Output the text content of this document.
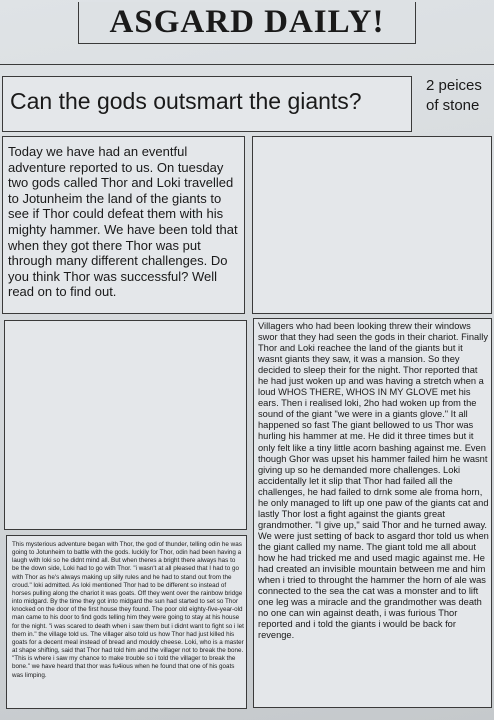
ASGARD DAILY!
Can the gods outsmart the giants?
2 peices of stone
Today we have had an eventful adventure reported to us. On tuesday two gods called Thor and Loki travelled to Jotunheim the land of the giants to see if Thor could defeat them with his mighty hammer. We have been told that when they got there Thor was put through many different challenges. Do you think Thor was successful? Well read on to find out.
This mysterious adventure began with Thor, the god of thunder, telling odin he was going to Jotunheim to battle with the gods. luckily for Thor, odin had been having a laugh with loki so he didnt mind all. But when theres a bright there always has to be the down side, Loki had to go with Thor. "i wasn't at all pleased that I had to go with Thor as he's always making up silly rules and he had to stand out from the croud." loki admitted. As loki mentioned Thor had to be different so instead of horses pulling along the chariot it was goats. Off they went over the rainbow bridge into midgard. By the time they got into midgard the sun had started to set so Thor knocked on the door of the first house they found. The poor old eighty-five-year-old man came to his door to find gods telling him they were going to stay at his house for the night. "i was scared to death when i saw them but i didnt want to fight so i let them in." the village told us. The villager also told us how Thor had just killed his goats for a decent meal instead of bread and mouldy cheese. Loki, who is a master at shape shifting, said that Thor had told him and the villager not to break the bone. "This is where i saw my chance to make trouble so i told the villager to break the bone." we have heard that thor was fu4ious when he found that one of his goats was limping.
Villagers who had been looking threw their windows swor that they had seen the gods in their chariot. Finally Thor and Loki reachee the land of the giants but it wasnt giants they saw, it was a mansion. So they decided to sleep their for the night. Thor reported that he had just woken up and was having a stretch when a loud WHOS THERE, WHOS IN MY GLOVE met his ears. Then i realised loki, 2ho had woken up from the sound of the giant "we were in a giants glove." It all happened so fast The giant bellowed to us Thor was hurling his hammer at me. He did it three times but it only felt like a tiny little acorn bashing against me. Even though Ghor was upset his hammer failed him he wasnt giving up so he demanded more challenges. Loki accidentally let it slip that Thor had failed all the challenges, he had failed to drnk some ale froma horn, he only managed to lift up one paw of the giants cat and lastly Thor lost a fight against the giants great grandmother. "I give up," said Thor and he turned away.
We were just setting of back to asgard thor told us when the giant called my name. The giant told me all about how he had tricked me and used magic against me. He had created an invisible mountain between me and him when i tried to throught the hammer the horn of ale was connected to the sea the cat was a monster and to lift one leg was a miracle and the grandmother was death no one can win against death, i was furious Thor reported and i told the giants i would be back for revenge.
